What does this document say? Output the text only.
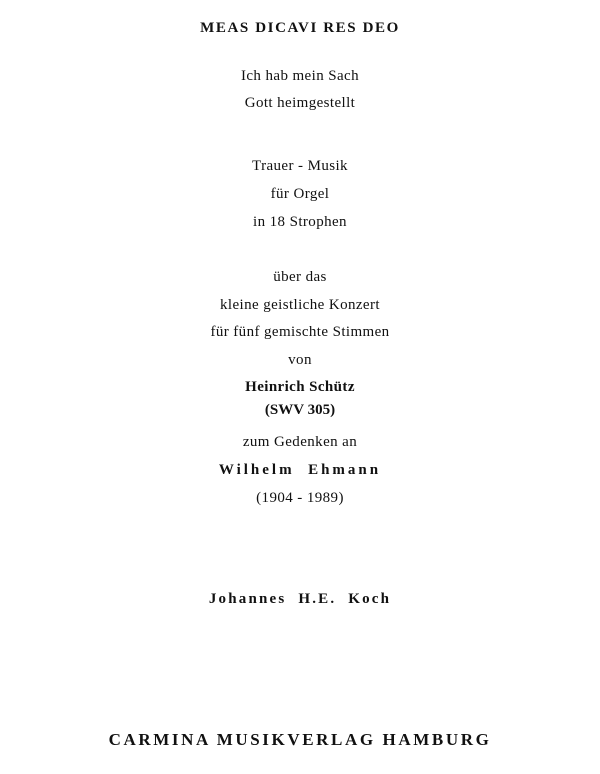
MEAS DICAVI RES DEO
Ich hab mein Sach
Gott heimgestellt
Trauer - Musik
für Orgel
in 18 Strophen
über das
kleine geistliche Konzert
für fünf gemischte Stimmen
von
Heinrich Schütz
(SWV 305)
zum Gedenken an
Wilhelm  Ehmann
(1904 - 1989)
Johannes  H.E.  Koch
CARMINA MUSIKVERLAG HAMBURG
